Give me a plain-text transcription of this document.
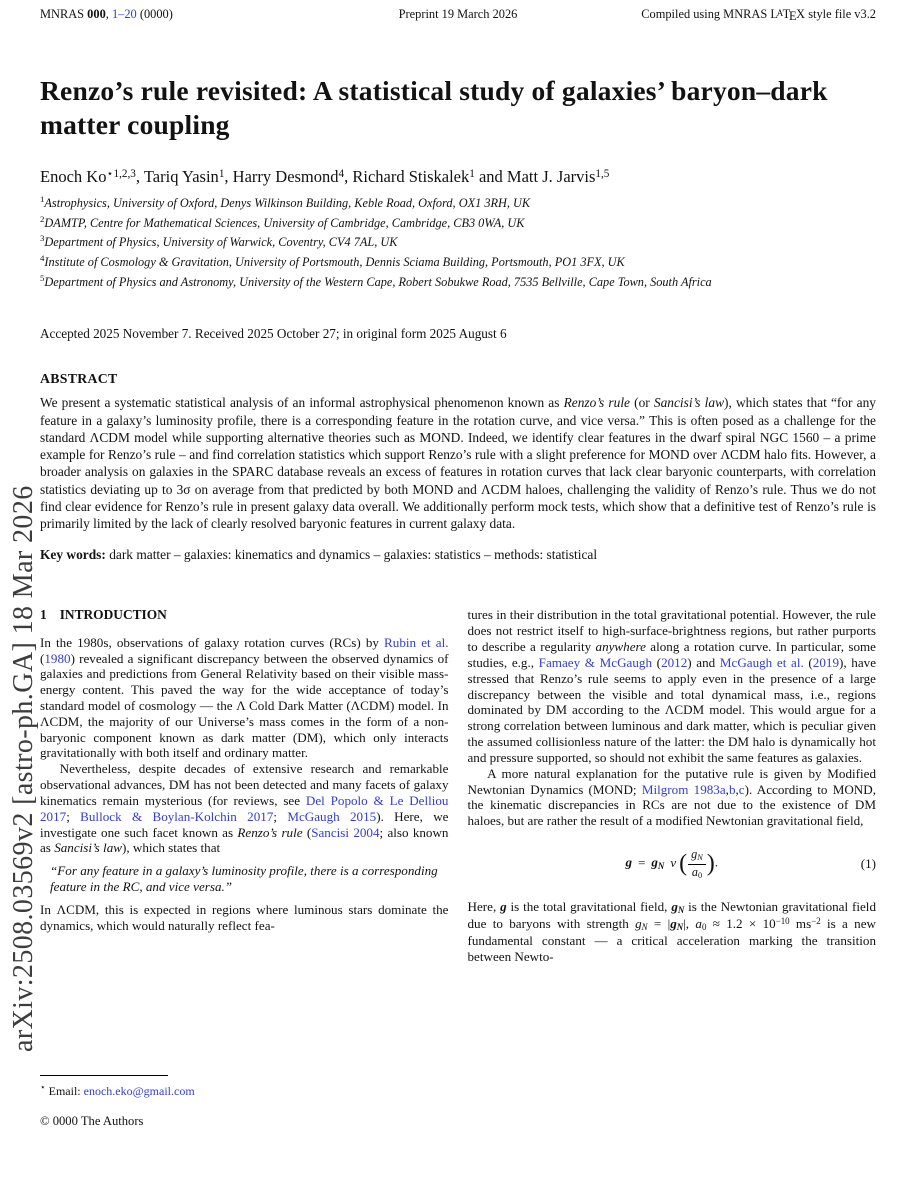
arXiv:2508.03569v2 [astro-ph.GA] 18 Mar 2026
MNRAS 000, 1–20 (0000)	Preprint 19 March 2026	Compiled using MNRAS $L^ATEX$ style file v3.2
Renzo’s rule revisited: A statistical study of galaxies’ baryon–dark matter coupling
Enoch $Ko^{⋆1,2,3}$, Tariq Yasin$^1$, Harry Desmond$^4$, Richard Stiskalek$^1$ and Matt J. Jarvis$^{1,5}$
$^1$Astrophysics, University of Oxford, Denys Wilkinson Building, Keble Road, Oxford, OX1 3RH, UK
$^2$DAMTP, Centre for Mathematical Sciences, University of Cambridge, Cambridge, CB3 0WA, UK
$^3$Department of Physics, University of Warwick, Coventry, CV4 7AL, UK
$^4$Institute of Cosmology & Gravitation, University of Portsmouth, Dennis Sciama Building, Portsmouth, PO1 3FX, UK
$^5$Department of Physics and Astronomy, University of the Western Cape, Robert Sobukwe Road, 7535 Bellville, Cape Town, South Africa
Accepted 2025 November 7. Received 2025 October 27; in original form 2025 August 6
ABSTRACT

We present a systematic statistical analysis of an informal astrophysical phenomenon known as Renzo’s rule (or Sancisi’s law), which states that “for any feature in a galaxy’s luminosity profile, there is a corresponding feature in the rotation curve, and vice versa.” This is often posed as a challenge for the standard ΛCDM model while supporting alternative theories such as MOND. Indeed, we identify clear features in the dwarf spiral NGC 1560 – a prime example for Renzo’s rule – and find correlation statistics which support Renzo’s rule with a slight preference for MOND over ΛCDM halo fits. However, a broader analysis on galaxies in the SPARC database reveals an excess of features in rotation curves that lack clear baryonic counterparts, with correlation statistics deviating up to 3σ on average from that predicted by both MOND and ΛCDM haloes, challenging the validity of Renzo’s rule. Thus we do not find clear evidence for Renzo’s rule in present galaxy data overall. We additionally perform mock tests, which show that a definitive test of Renzo’s rule is primarily limited by the lack of clearly resolved baryonic features in current galaxy data.

Key words: dark matter – galaxies: kinematics and dynamics – galaxies: statistics – methods: statistical

1 INTRODUCTION

In the 1980s, observations of galaxy rotation curves (RCs) by Rubin et al. (1980) revealed a significant discrepancy between the observed dynamics of galaxies and predictions from General Relativity based on their visible mass-energy content. This paved the way for the wide acceptance of today’s standard model of cosmology — the Λ Cold Dark Matter (ΛCDM) model. In ΛCDM, the majority of our Universe’s mass comes in the form of a non-baryonic component known as dark matter (DM), which only interacts gravitationally with both itself and ordinary matter.

Nevertheless, despite decades of extensive research and remarkable observational advances, DM has not been detected and many facets of galaxy kinematics remain mysterious (for reviews, see Del Popolo & Le Delliou 2017; Bullock & Boylan-Kolchin 2017; McGaugh 2015). Here, we investigate one such facet known as Renzo’s rule (Sancisi 2004; also known as Sancisi’s law), which states that

“For any feature in a galaxy’s luminosity profile, there is a corresponding feature in the RC, and vice versa.”

In ΛCDM, this is expected in regions where luminous stars dominate the dynamics, which would naturally reflect fea-

⋆ Email: enoch.eko@gmail.com

tures in their distribution in the total gravitational potential. However, the rule does not restrict itself to high-surface-brightness regions, but rather purports to describe a regularity anywhere along a rotation curve. In particular, some studies, e.g., Famaey & McGaugh (2012) and McGaugh et al. (2019), have stressed that Renzo’s rule seems to apply even in the presence of a large discrepancy between the visible and total dynamical mass, i.e., regions dominated by DM according to the ΛCDM model. This would argue for a strong correlation between luminous and dark matter, which is peculiar given the assumed collisionless nature of the latter: the DM halo is dynamically hot and pressure supported, so should not exhibit the same features as galaxies.

A more natural explanation for the putative rule is given by Modified Newtonian Dynamics (MOND; Milgrom 1983a,b,c). According to MOND, the kinematic discrepancies in RCs are not due to the existence of DM haloes, but are rather the result of a modified Newtonian gravitational field,

$g = g_N$ ν ( $\frac{g_N}{a_0}$ ).	(1)

Here, g is the total gravitational field, $g_N$ is the Newtonian gravitational field due to baryons with strength $g_N = |g_N|$, $a_0 \approx 1.2 \times 10^{-10}$ $ms^{-2}$ is a new fundamental constant — a critical acceleration marking the transition between Newto-

© 0000 The Authors
